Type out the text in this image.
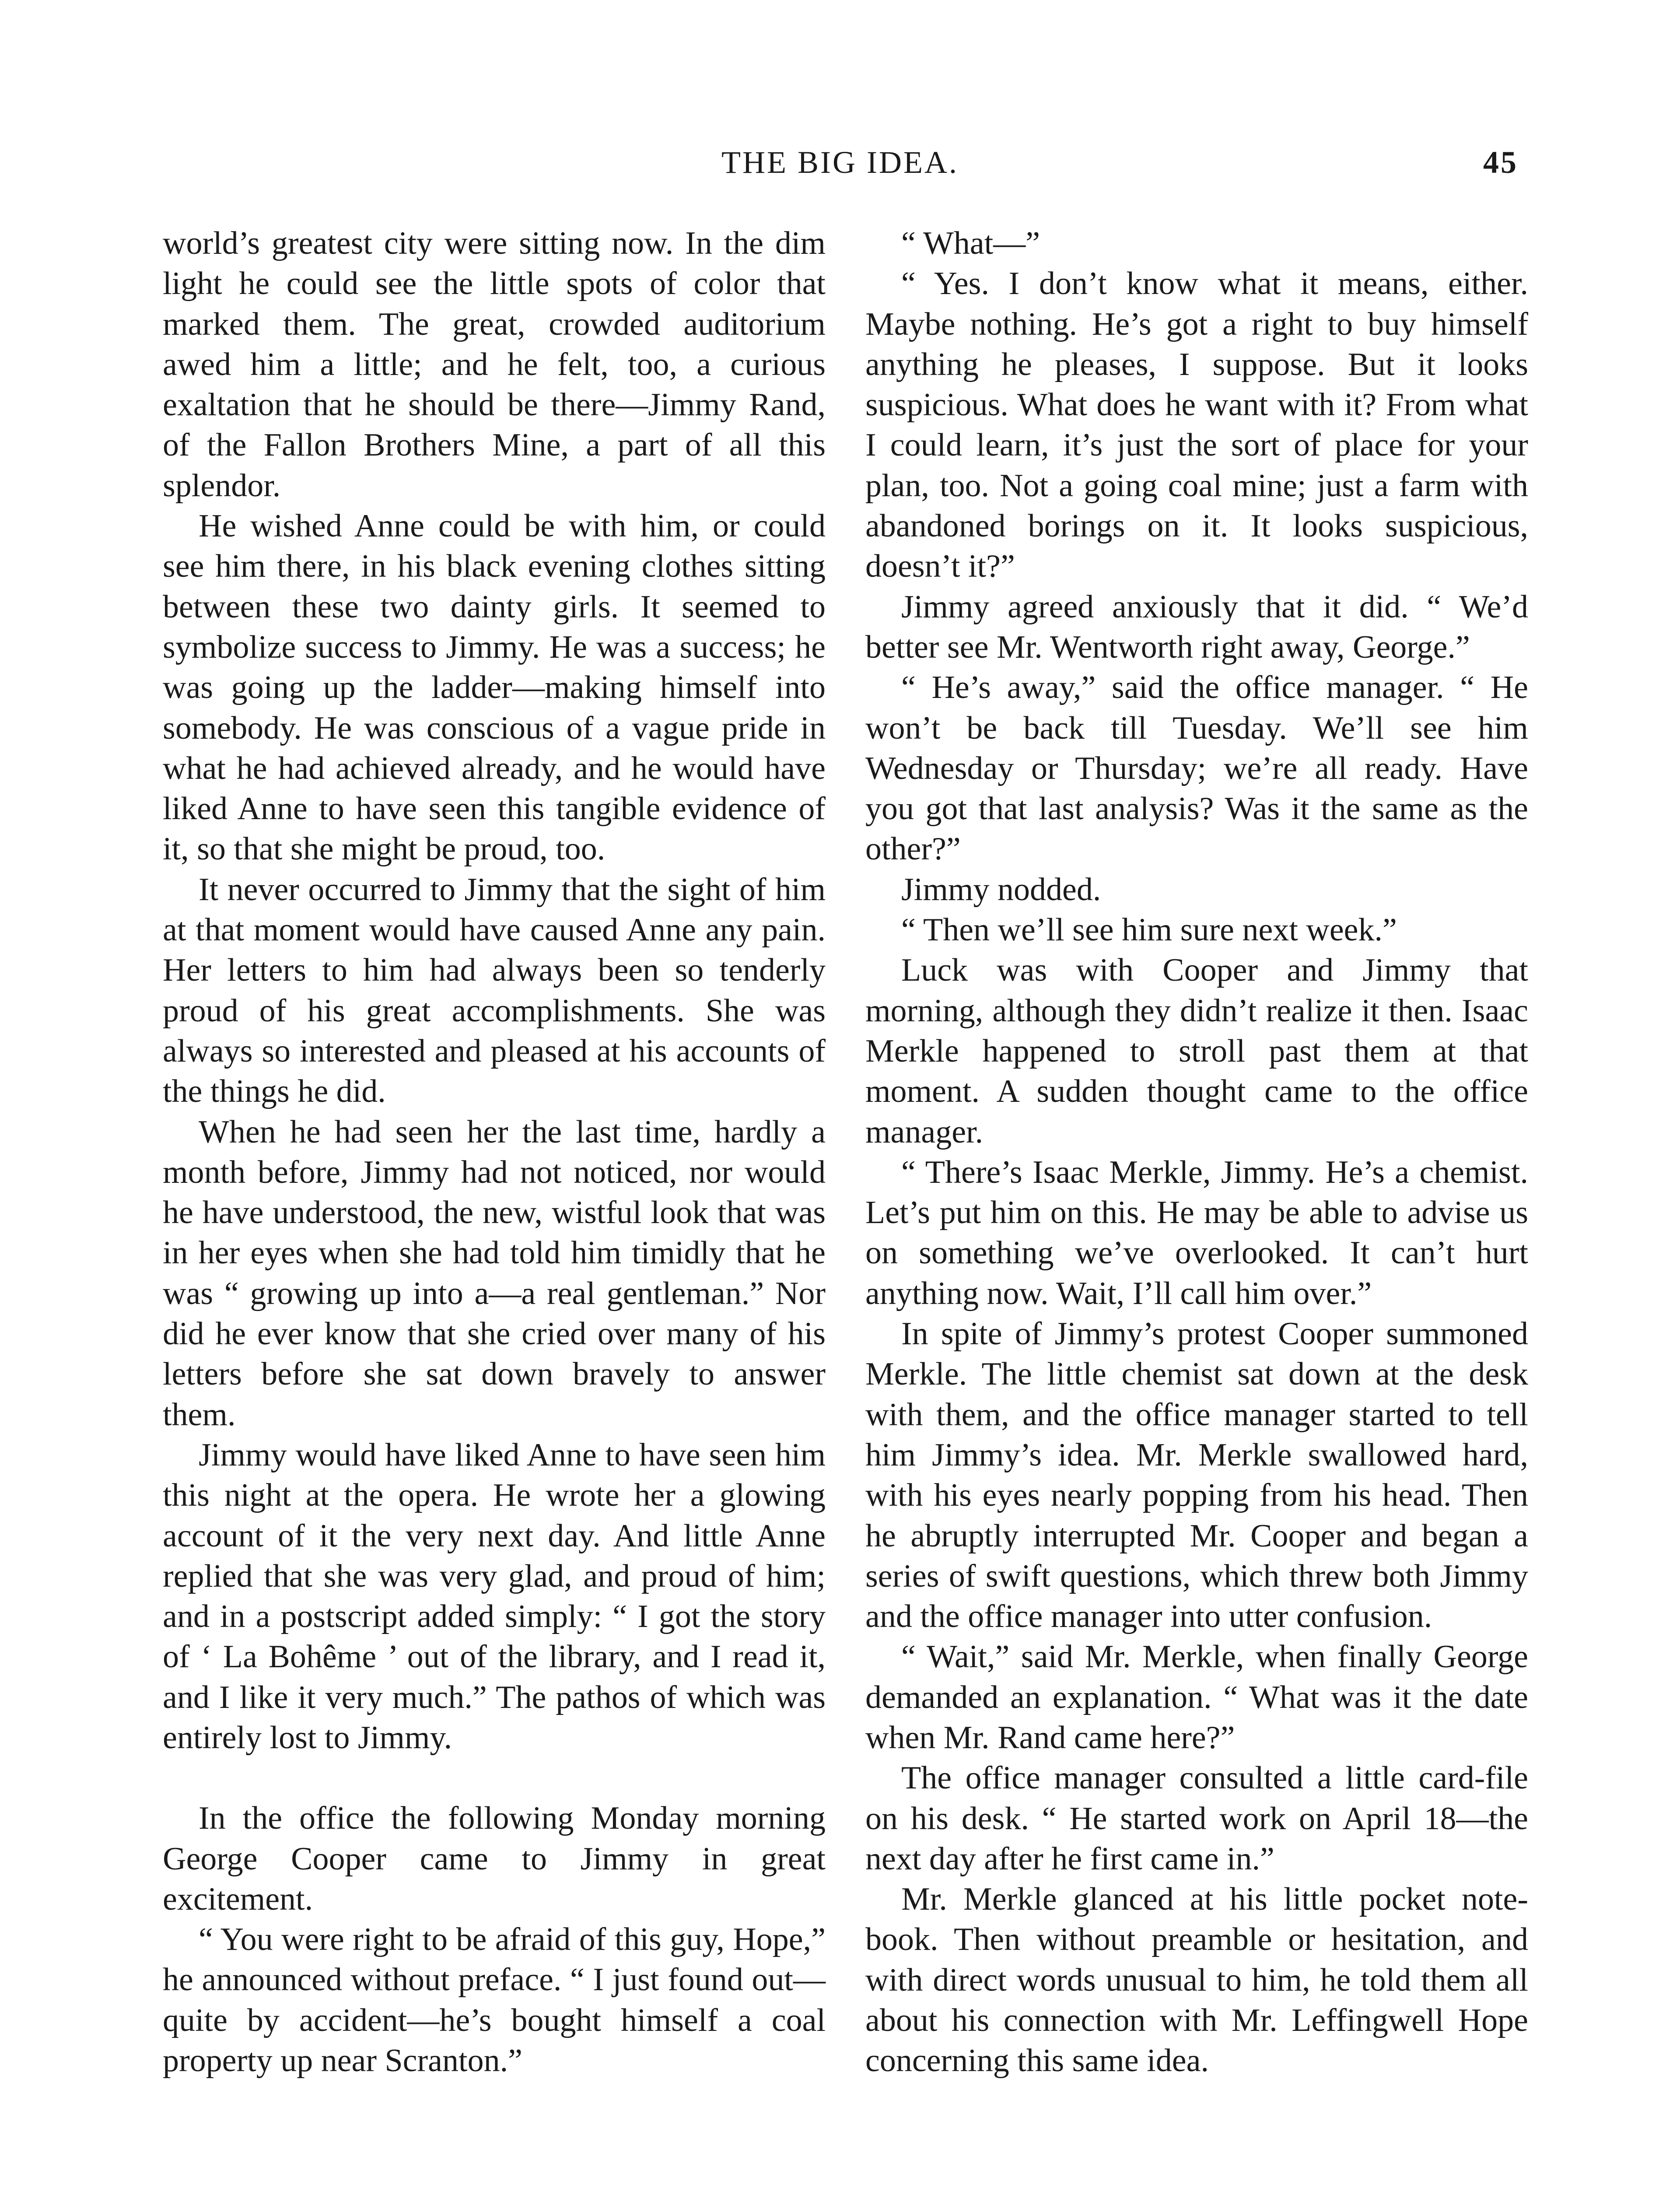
THE BIG IDEA.	45

world’s greatest city were sitting now. In the dim light he could see the little spots of color that marked them. The great, crowded auditorium awed him a little; and he felt, too, a curious exaltation that he should be there—Jimmy Rand, of the Fallon Brothers Mine, a part of all this splendor.

He wished Anne could be with him, or could see him there, in his black evening clothes sitting between these two dainty girls. It seemed to symbolize success to Jimmy. He was a success; he was going up the ladder—making himself into somebody. He was conscious of a vague pride in what he had achieved already, and he would have liked Anne to have seen this tangible evidence of it, so that she might be proud, too.

It never occurred to Jimmy that the sight of him at that moment would have caused Anne any pain. Her letters to him had always been so tenderly proud of his great accomplishments. She was always so interested and pleased at his accounts of the things he did.

When he had seen her the last time, hardly a month before, Jimmy had not noticed, nor would he have understood, the new, wistful look that was in her eyes when she had told him timidly that he was “ growing up into a—a real gentleman.” Nor did he ever know that she cried over many of his letters before she sat down bravely to answer them.

Jimmy would have liked Anne to have seen him this night at the opera. He wrote her a glowing account of it the very next day. And little Anne replied that she was very glad, and proud of him; and in a postscript added simply: “ I got the story of ‘ La Bohême ’ out of the library, and I read it, and I like it very much.” The pathos of which was entirely lost to Jimmy.

In the office the following Monday morning George Cooper came to Jimmy in great excitement.

“ You were right to be afraid of this guy, Hope,” he announced without preface. “ I just found out—quite by accident—he’s bought himself a coal property up near Scranton.”

“ What—”

“ Yes. I don’t know what it means, either. Maybe nothing. He’s got a right to buy himself anything he pleases, I suppose. But it looks suspicious. What does he want with it? From what I could learn, it’s just the sort of place for your plan, too. Not a going coal mine; just a farm with abandoned borings on it. It looks suspicious, doesn’t it?”

Jimmy agreed anxiously that it did. “ We’d better see Mr. Wentworth right away, George.”

“ He’s away,” said the office manager. “ He won’t be back till Tuesday. We’ll see him Wednesday or Thursday; we’re all ready. Have you got that last analysis? Was it the same as the other?”

Jimmy nodded.

“ Then we’ll see him sure next week.”

Luck was with Cooper and Jimmy that morning, although they didn’t realize it then. Isaac Merkle happened to stroll past them at that moment. A sudden thought came to the office manager.

“ There’s Isaac Merkle, Jimmy. He’s a chemist. Let’s put him on this. He may be able to advise us on something we’ve overlooked. It can’t hurt anything now. Wait, I’ll call him over.”

In spite of Jimmy’s protest Cooper summoned Merkle. The little chemist sat down at the desk with them, and the office manager started to tell him Jimmy’s idea. Mr. Merkle swallowed hard, with his eyes nearly popping from his head. Then he abruptly interrupted Mr. Cooper and began a series of swift questions, which threw both Jimmy and the office manager into utter confusion.

“ Wait,” said Mr. Merkle, when finally George demanded an explanation. “ What was it the date when Mr. Rand came here?”

The office manager consulted a little card-file on his desk. “ He started work on April 18—the next day after he first came in.”

Mr. Merkle glanced at his little pocket note-book. Then without preamble or hesitation, and with direct words unusual to him, he told them all about his connection with Mr. Leffingwell Hope concerning this same idea.
